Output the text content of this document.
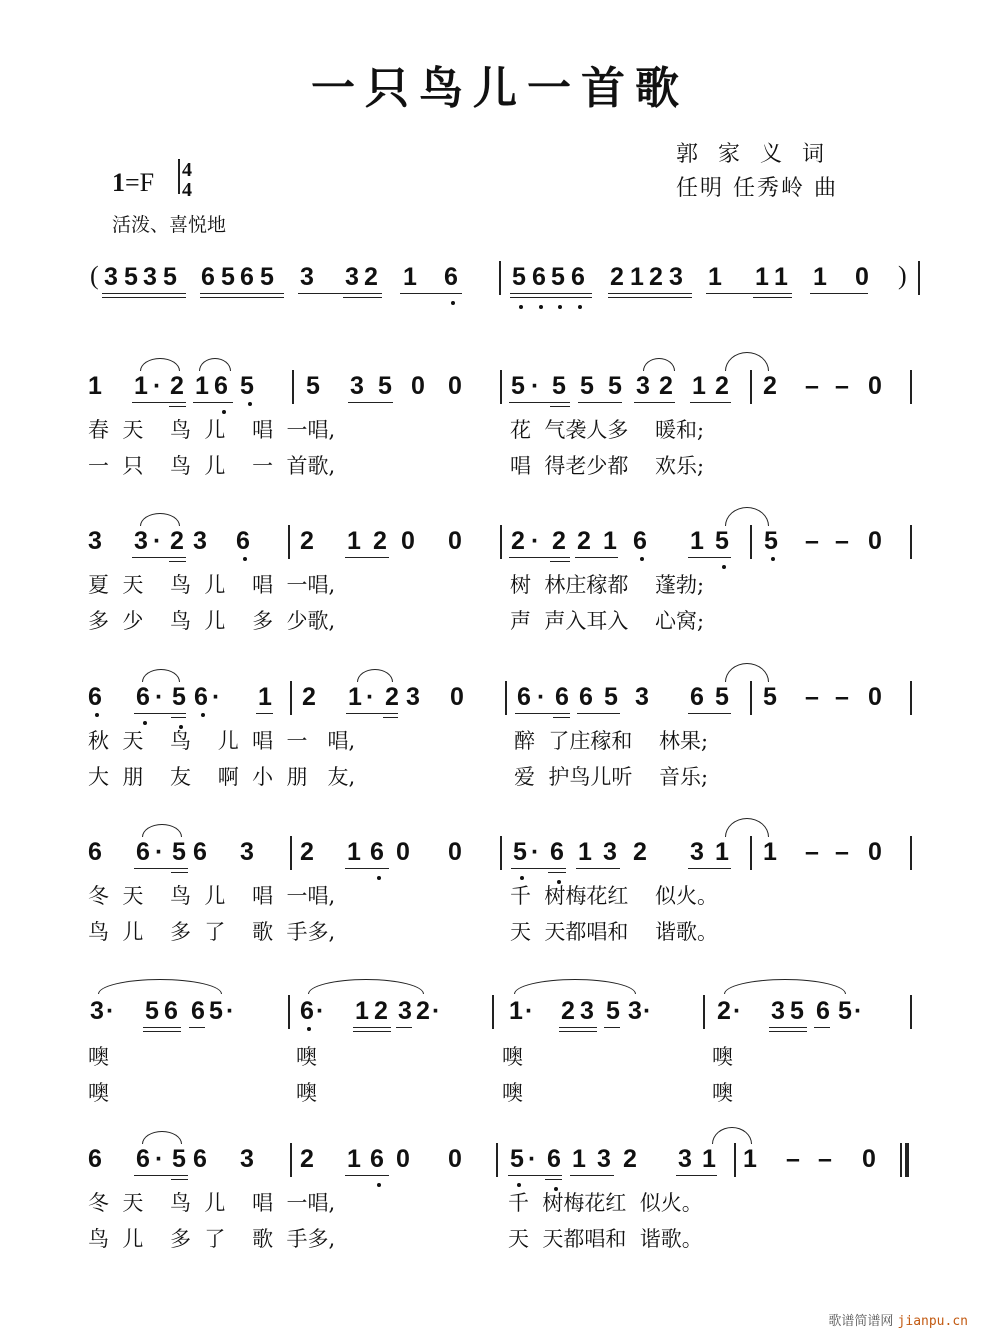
一只鸟儿一首歌
1=F 4
4
活泼、喜悦地
郭  家  义  词
任明 任秀岭 曲
(	)
3 5 3 5 6 5 6 5 3 3 2 1 6 5 6 5 6 2 1 2 3 1 1 1 1 0
1 1 · 2 1 6 5 5 3 5 0 0 5 · 5 5 5 3 2 1 2 2 – – 0
春  天    鸟  儿    唱  一唱,
一  只    鸟  儿    一  首歌,
花  气袭人多    暖和;
唱  得老少都    欢乐;
3 3 · 2 3 6 2 1 2 0 0 2 · 2 2 1 6 1 5 5 – – 0
夏  天    鸟  儿    唱  一唱,
多  少    鸟  儿    多  少歌,
树  林庄稼都    蓬勃;
声  声入耳入    心窝;
6 6 · 5 6 · 1 2 1 · 2 3 0 6 · 6 6 5 3 6 5 5 – – 0
秋  天    鸟    儿  唱  一   唱,
大  朋    友    啊  小  朋   友,
醉  了庄稼和    林果;
爱  护鸟儿听    音乐;
6 6 · 5 6 3 2 1 6 0 0 5 · 6 1 3 2 3 1 1 – – 0
冬  天    鸟  儿    唱  一唱,
鸟  儿    多  了    歌  手多,
千  树梅花红    似火。
天  天都唱和    谐歌。
3 · 5 6 6 5 ·	6 · 1 2 3 2 ·	1 · 2 3 5 3 ·	2 · 3 5 6 5 ·
噢
噢
噢
噢
噢
噢
噢
噢
6 6 · 5 6 3 2 1 6 0 0 5 · 6 1 3 2 3 1 1 – – 0
冬  天    鸟  儿    唱  一唱,
鸟  儿    多  了    歌  手多,
千  树梅花红  似火。
天  天都唱和  谐歌。
歌谱简谱网 jianpu.cn
